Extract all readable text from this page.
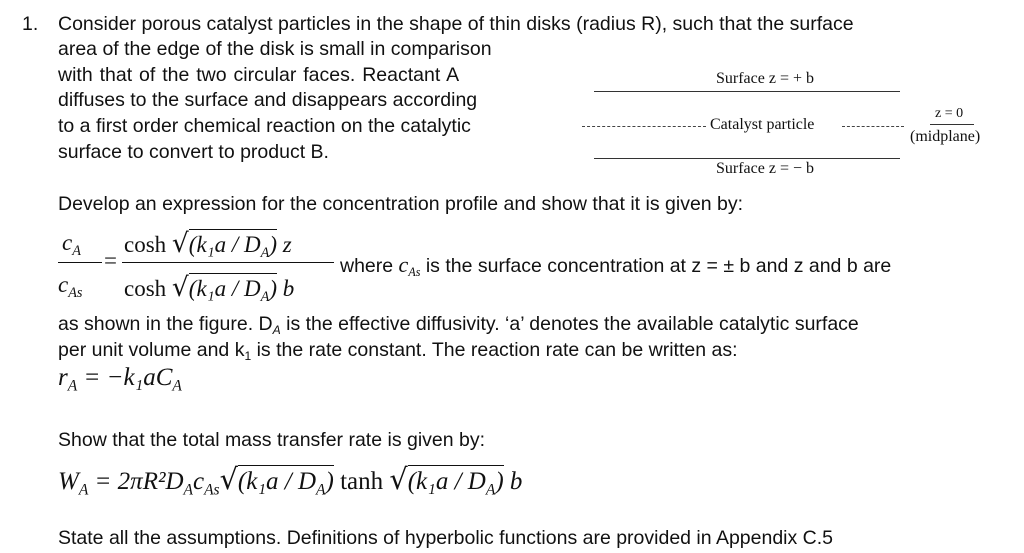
1. Consider porous catalyst particles in the shape of thin disks (radius R), such that the surface
area of the edge of the disk is small in comparison
with that of the two circular faces. Reactant A
diffuses to the surface and disappears according
to a first order chemical reaction on the catalytic
surface to convert to product B.
Surface z = + b
Catalyst particle
z = 0
(midplane)
Surface z = − b
Develop an expression for the concentration profile and show that it is given by:
$c_A$
$c_{As}$
=
$\cosh √(k_1a / D_A)$ z
$\cosh √(k_1a / D_A)$ b
where $c_{As}$ is the surface concentration at z = ± b and z and b are
as shown in the figure. $D_A$ is the effective diffusivity. ‘a’ denotes the available catalytic surface
per unit volume and $k_1$ is the rate constant. The reaction rate can be written as:
$r_A = -k_1aC_A$
Show that the total mass transfer rate is given by:
$W_A = 2\pi R^2D_Ac_{As}√(k_1a / D_A)$ $\tanh √(k_1a / D_A)$ b
State all the assumptions. Definitions of hyperbolic functions are provided in Appendix C.5
